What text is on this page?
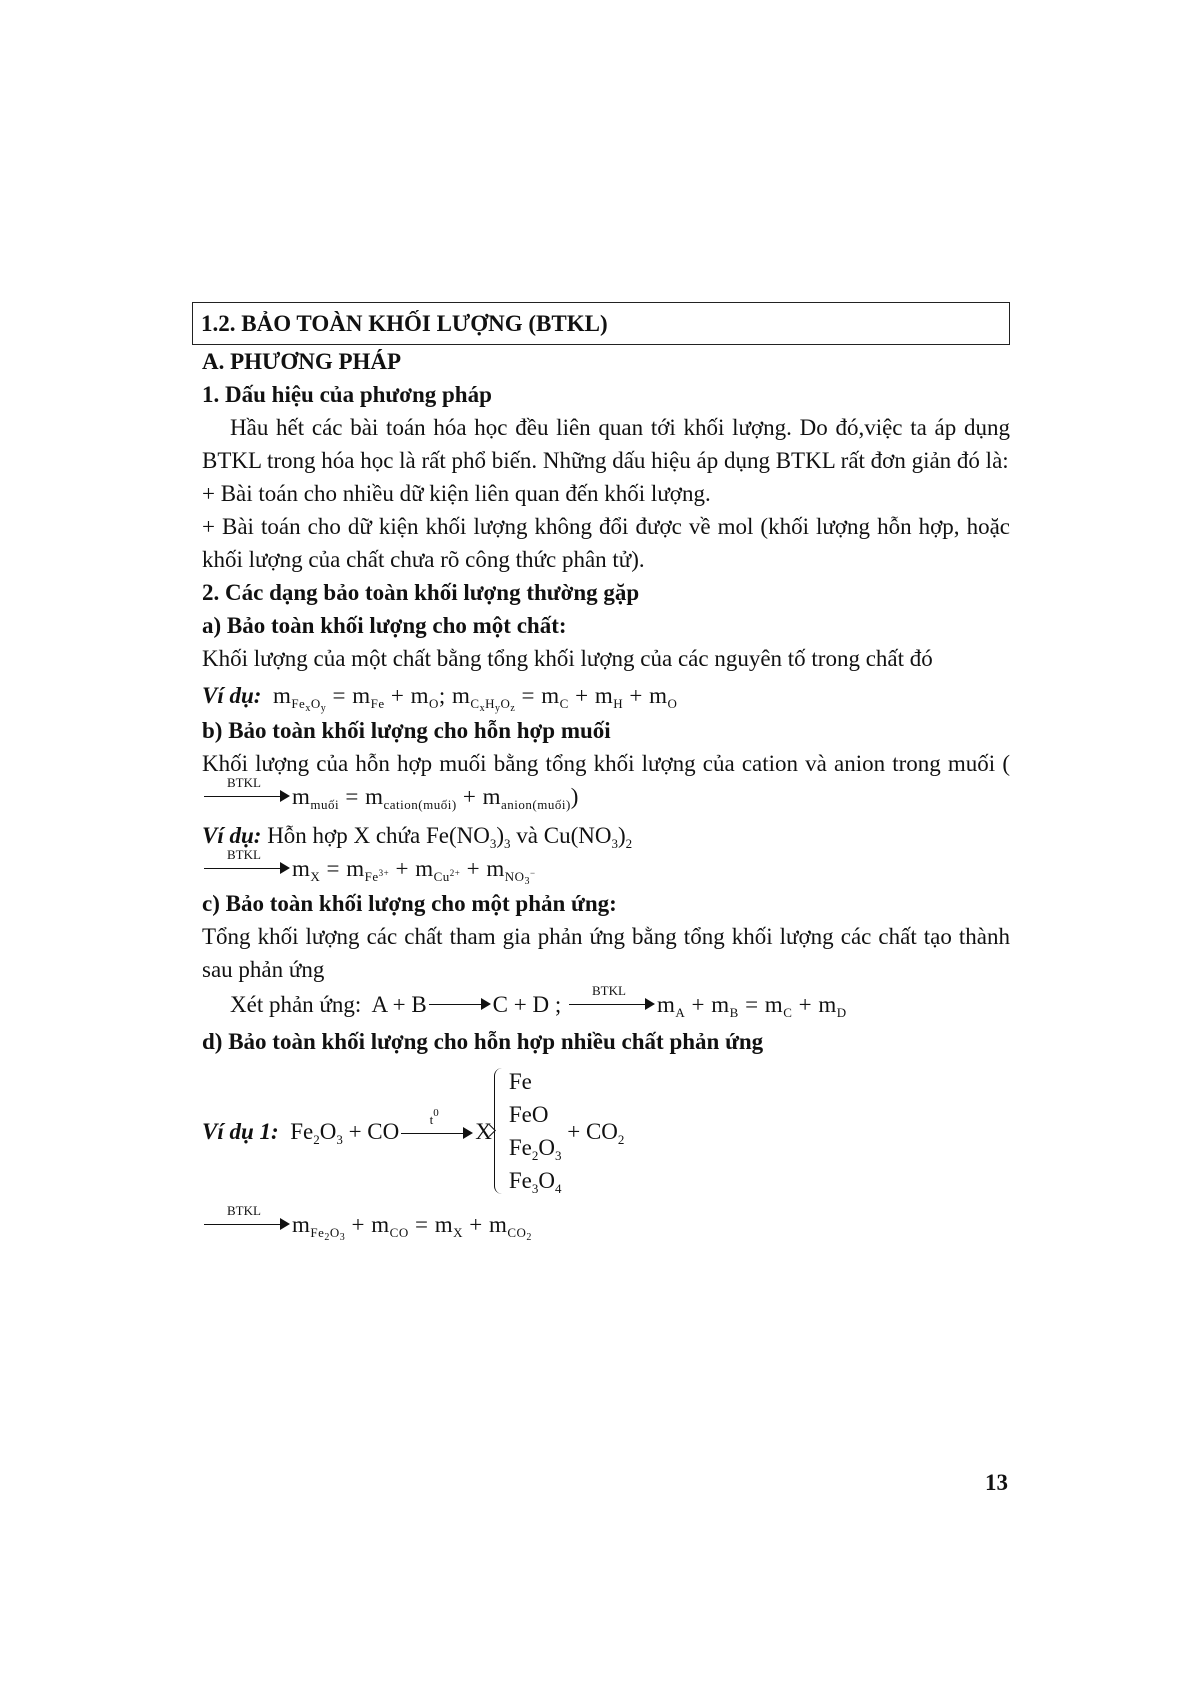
1.2. BẢO TOÀN KHỐI LƯỢNG (BTKL)

A. PHƯƠNG PHÁP

1. Dấu hiệu của phương pháp

Hầu hết các bài toán hóa học đều liên quan tới khối lượng. Do đó,việc ta áp dụng BTKL trong hóa học là rất phổ biến. Những dấu hiệu áp dụng BTKL rất đơn giản đó là:

+ Bài toán cho nhiều dữ kiện liên quan đến khối lượng.

+ Bài toán cho dữ kiện khối lượng không đổi được về mol (khối lượng hỗn hợp, hoặc khối lượng của chất chưa rõ công thức phân tử).

2. Các dạng bảo toàn khối lượng thường gặp

a) Bảo toàn khối lượng cho một chất:

Khối lượng của một chất bằng tổng khối lượng của các nguyên tố trong chất đó

Ví dụ: $m_{Fe_xO_y} = m_{Fe} + m_O$; $m_{C_xH_yO_z} = m_C + m_H + m_O$

b) Bảo toàn khối lượng cho hỗn hợp muối

Khối lượng của hỗn hợp muối bằng tổng khối lượng của cation và anion trong muối (
BTKL
$m_{muối} = m_{cation(muối)} + m_{anion(muối)}$)

Ví dụ: Hỗn hợp X chứa $Fe(NO_3)_3$ và $Cu(NO_3)_2$

BTKL
$m_X = m_{Fe^{3+}} + m_{Cu^{2+}} + m_{NO_3^-}$

c) Bảo toàn khối lượng cho một phản ứng:

Tổng khối lượng các chất tham gia phản ứng bằng tổng khối lượng các chất tạo thành sau phản ứng

Xét phản ứng:  A + B	C + D ;
BTKL
$m_A + m_B = m_C + m_D$

d) Bảo toàn khối lượng cho hỗn hợp nhiều chất phản ứng

Ví dụ 1:
$Fe_2O_3$ + CO	$t^0$
X
Fe
FeO
$Fe_2O_3$
$Fe_3O_4$
+ $CO_2$

BTKL
$m_{Fe_2O_3} + m_{CO} = m_X + m_{CO_2}$

13
